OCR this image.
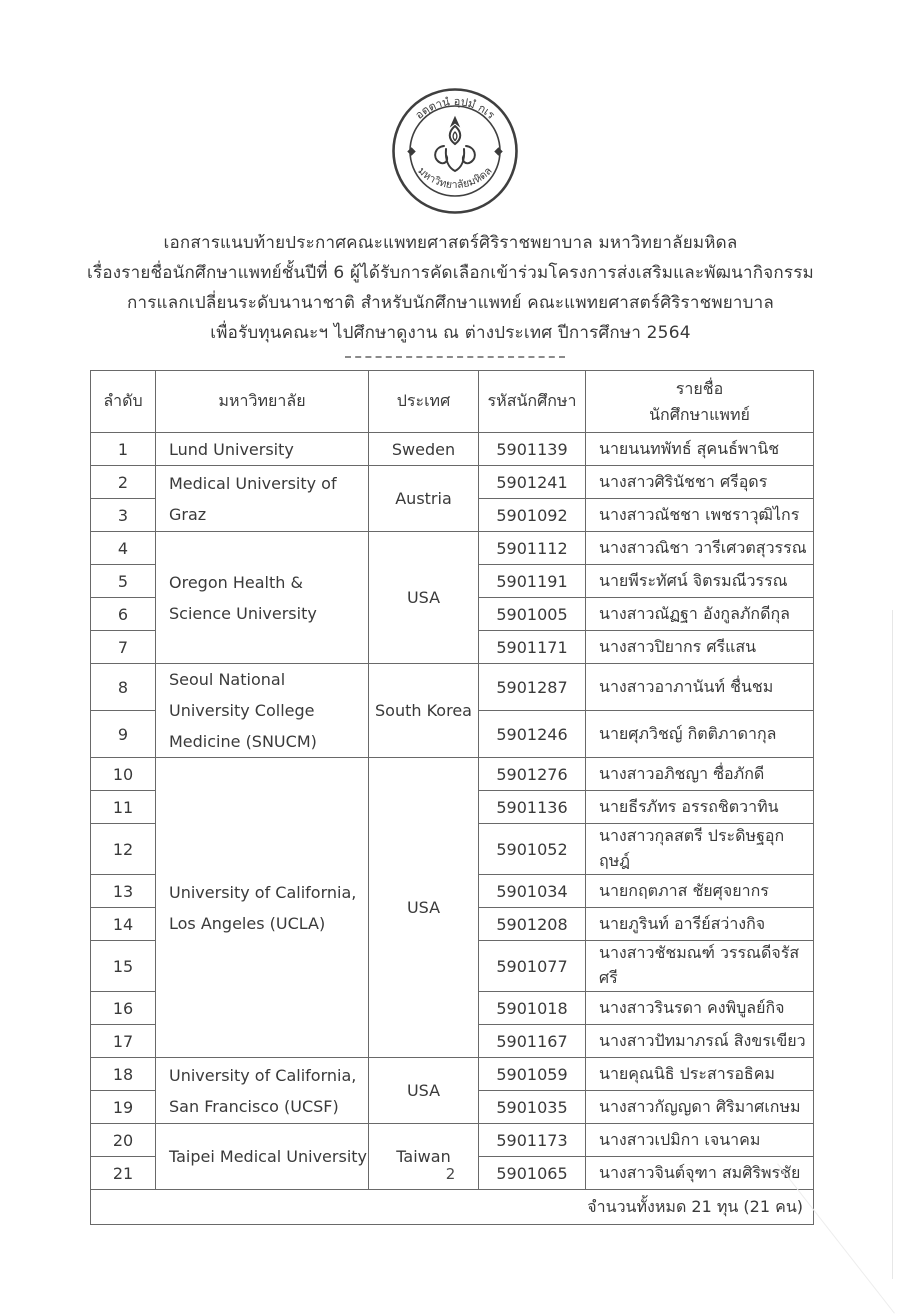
อตฺตานํ อุปมํ กเร
มหาวิทยาลัยมหิดล
เอกสารแนบท้ายประกาศคณะแพทยศาสตร์ศิริราชพยาบาล มหาวิทยาลัยมหิดล
เรื่องรายชื่อนักศึกษาแพทย์ชั้นปีที่ 6 ผู้ได้รับการคัดเลือกเข้าร่วมโครงการส่งเสริมและพัฒนากิจกรรม
การแลกเปลี่ยนระดับนานาชาติ สำหรับนักศึกษาแพทย์ คณะแพทยศาสตร์ศิริราชพยาบาล
เพื่อรับทุนคณะฯ ไปศึกษาดูงาน ณ ต่างประเทศ ปีการศึกษา 2564
ลำดับ	มหาวิทยาลัย	ประเทศ	รหัสนักศึกษา	รายชื่อ
นักศึกษาแพทย์

1	Lund University	Sweden	5901139	นายนนทพัทธ์ สุคนธ์พานิช
2	Medical University of Graz	Austria	5901241	นางสาวศิรินัชชา ศรีอุดร
3			5901092	นางสาวณัชชา เพชราวุฒิไกร
4	Oregon Health & Science University	USA	5901112	นางสาวณิชา วารีเศวตสุวรรณ
5			5901191	นายพีระทัศน์ จิตรมณีวรรณ
6			5901005	นางสาวณัฏฐา อังกูลภักดีกุล
7			5901171	นางสาวปิยากร ศรีแสน
8	Seoul National University College Medicine (SNUCM)	South Korea	5901287	นางสาวอาภานันท์ ชื่นชม
9			5901246	นายศุภวิชญ์ กิตติภาดากุล
10	University of California, Los Angeles (UCLA)	USA	5901276	นางสาวอภิชญา ซื่อภักดี
11			5901136	นายธีรภัทร อรรถชิตวาทิน
12			5901052	นางสาวกุลสตรี ประดิษฐอุกฤษฎ์
13			5901034	นายกฤตภาส ชัยศุจยากร
14			5901208	นายภูรินท์ อารีย์สว่างกิจ
15			5901077	นางสาวชัชมณฑ์ วรรณดีจรัสศรี
16			5901018	นางสาวรินรดา คงพิบูลย์กิจ
17			5901167	นางสาวปัทมาภรณ์ สิงขรเขียว
18	University of California, San Francisco (UCSF)	USA	5901059	นายคุณนิธิ ประสารอธิคม
19			5901035	นางสาวกัญญดา ศิริมาศเกษม
20	Taipei Medical University	Taiwan	5901173	นางสาวเปมิกา เจนาคม
21			5901065	นางสาวจินต์จุฑา สมศิริพรชัย
จำนวนทั้งหมด 21 ทุน (21 คน)				
2
